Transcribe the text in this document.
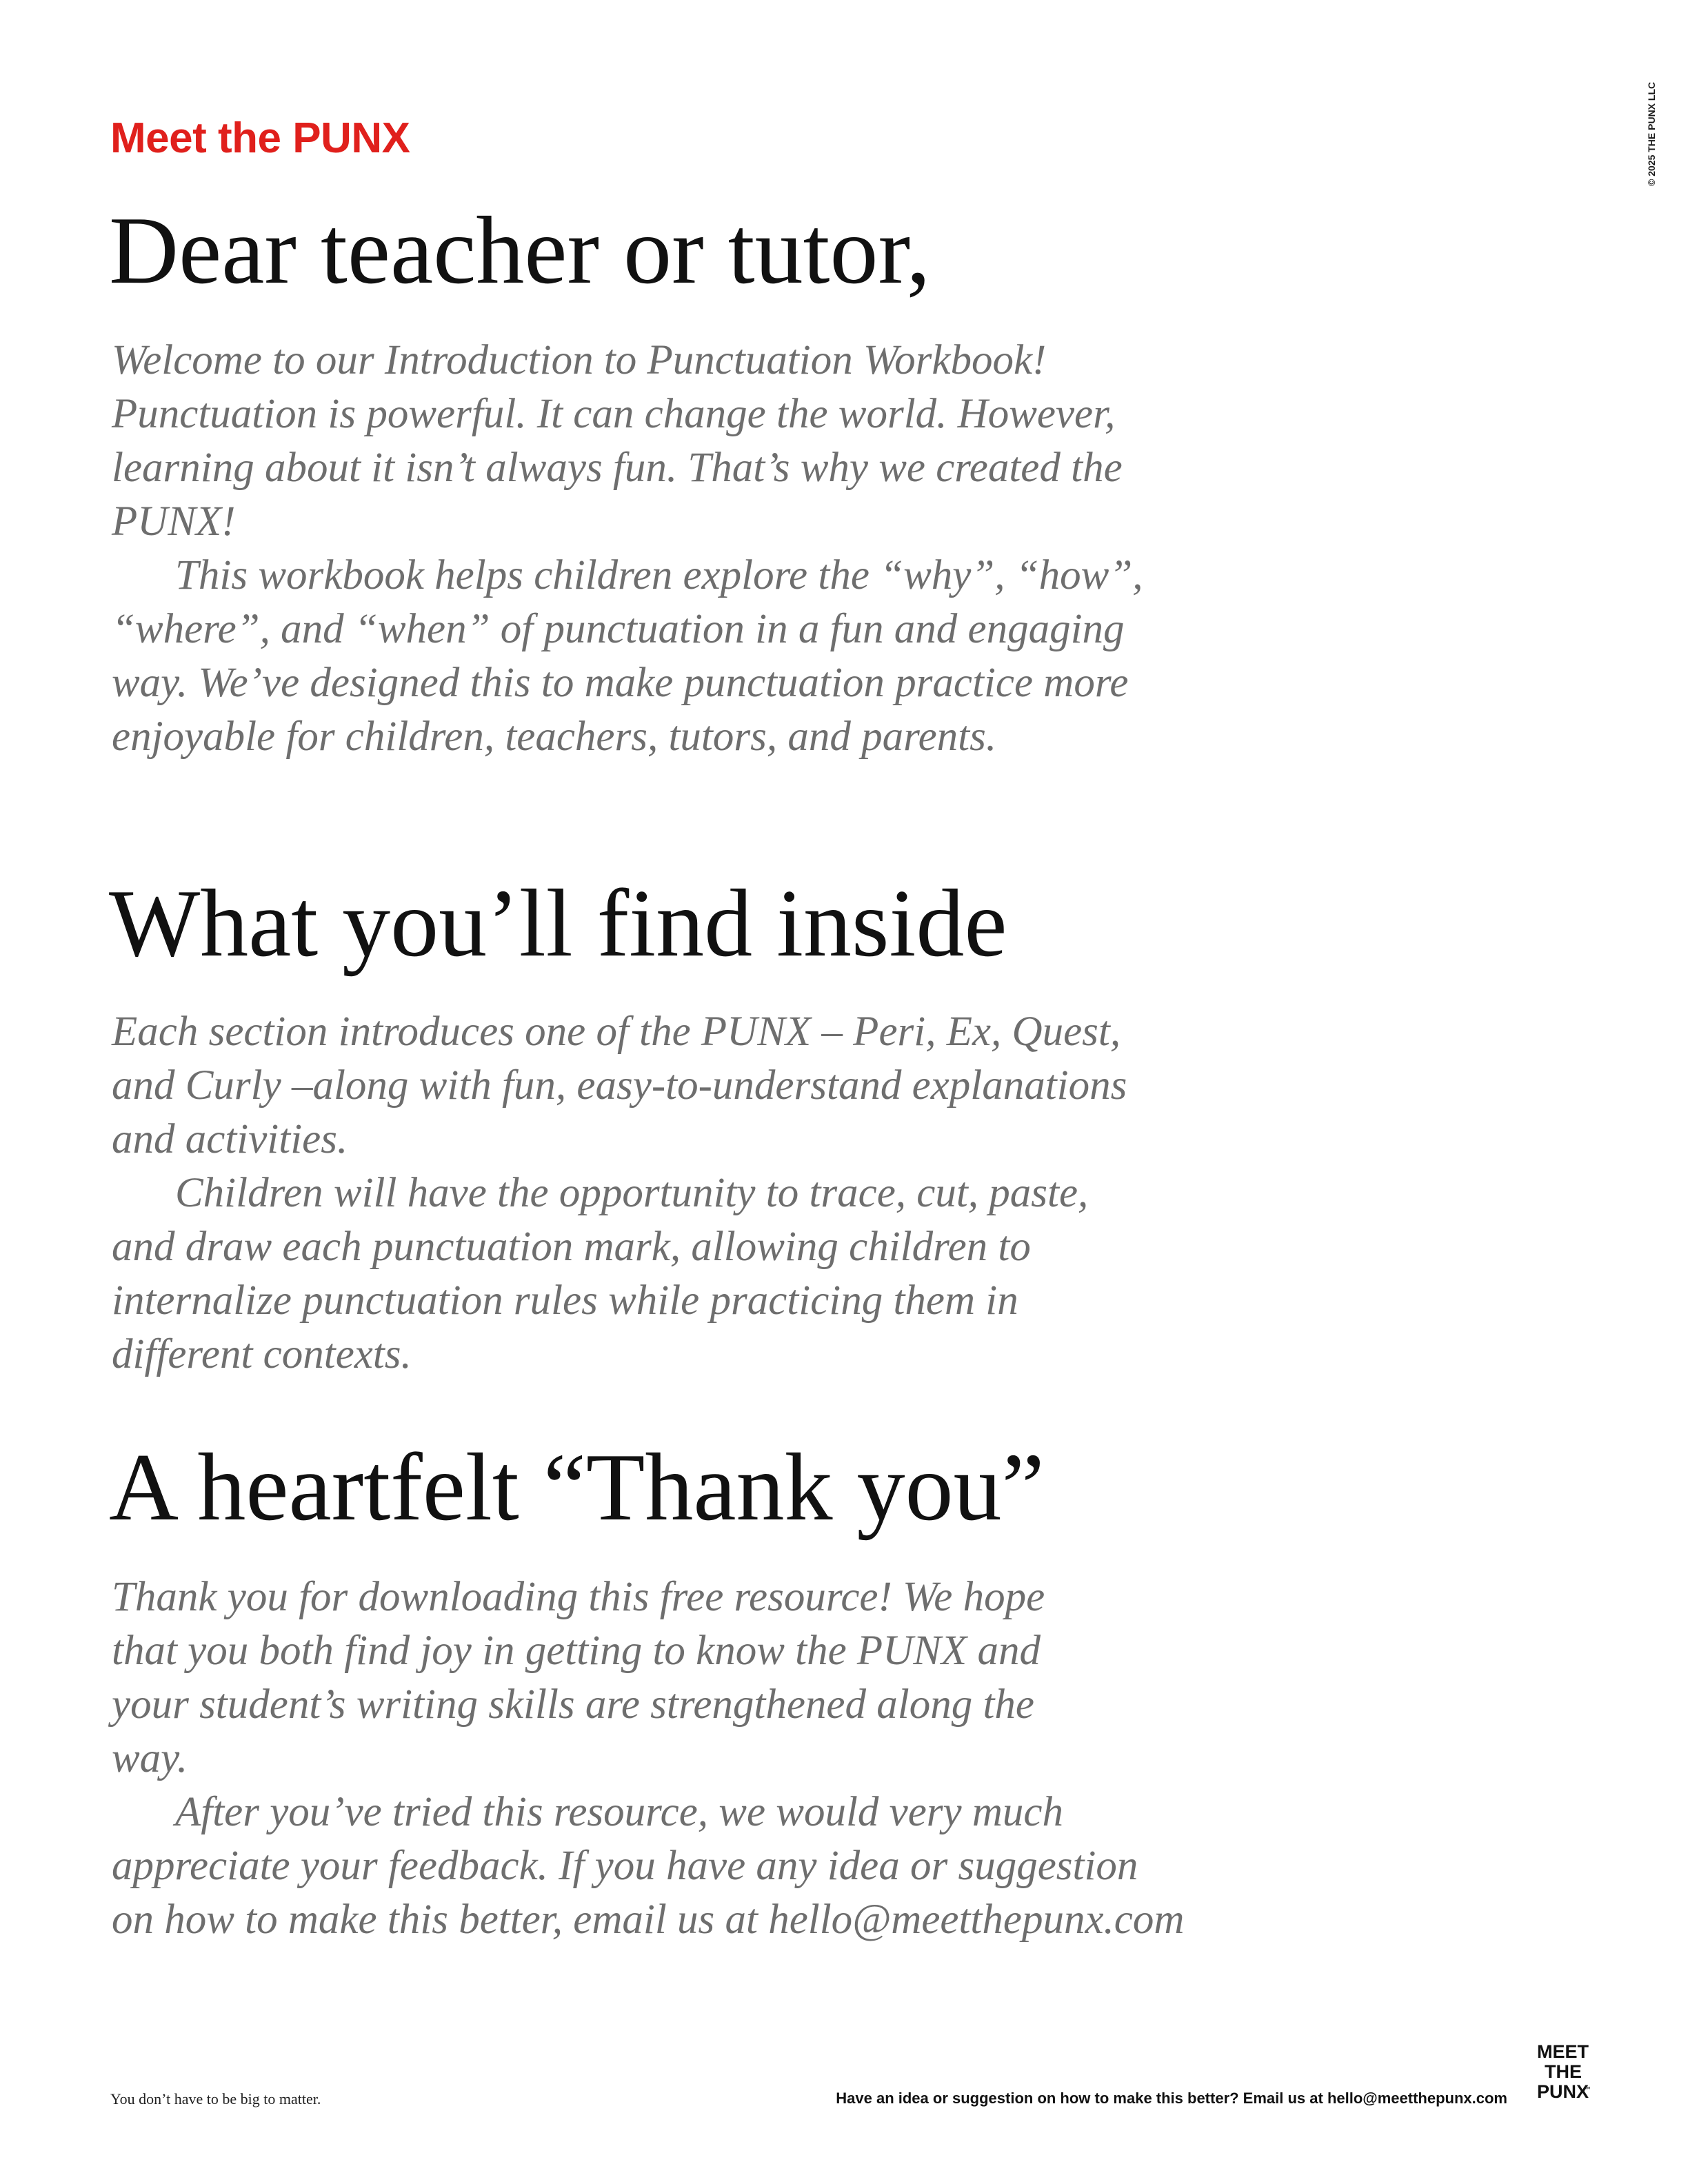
Meet the PUNX	© 2025 THE PUNX LLC
Dear teacher or tutor,

Welcome to our Introduction to Punctuation Workbook! Punctuation is powerful. It can change the world. However, learning about it isn’t always fun. That’s why we created the PUNX!

This workbook helps children explore the “why”, “how”, “where”, and “when” of punctuation in a fun and engaging way. We’ve designed this to make punctuation practice more enjoyable for children, teachers, tutors, and parents.

What you’ll find inside

Each section introduces one of the PUNX – Peri, Ex, Quest, and Curly –along with fun, easy-to-understand explanations and activities.

Children will have the opportunity to trace, cut, paste, and draw each punctuation mark, allowing children to internalize punctuation rules while practicing them in different contexts.

A heartfelt “Thank you”

Thank you for downloading this free resource! We hope that you both find joy in getting to know the PUNX and your student’s writing skills are strengthened along the way.

After you’ve tried this resource, we would very much appreciate your feedback. If you have any idea or suggestion on how to make this better, email us at hello@meetthepunx.com

You don’t have to be big to matter.	Have an idea or suggestion on how to make this better? Email us at hello@meetthepunx.com
MEET
THE
PUNX
™
